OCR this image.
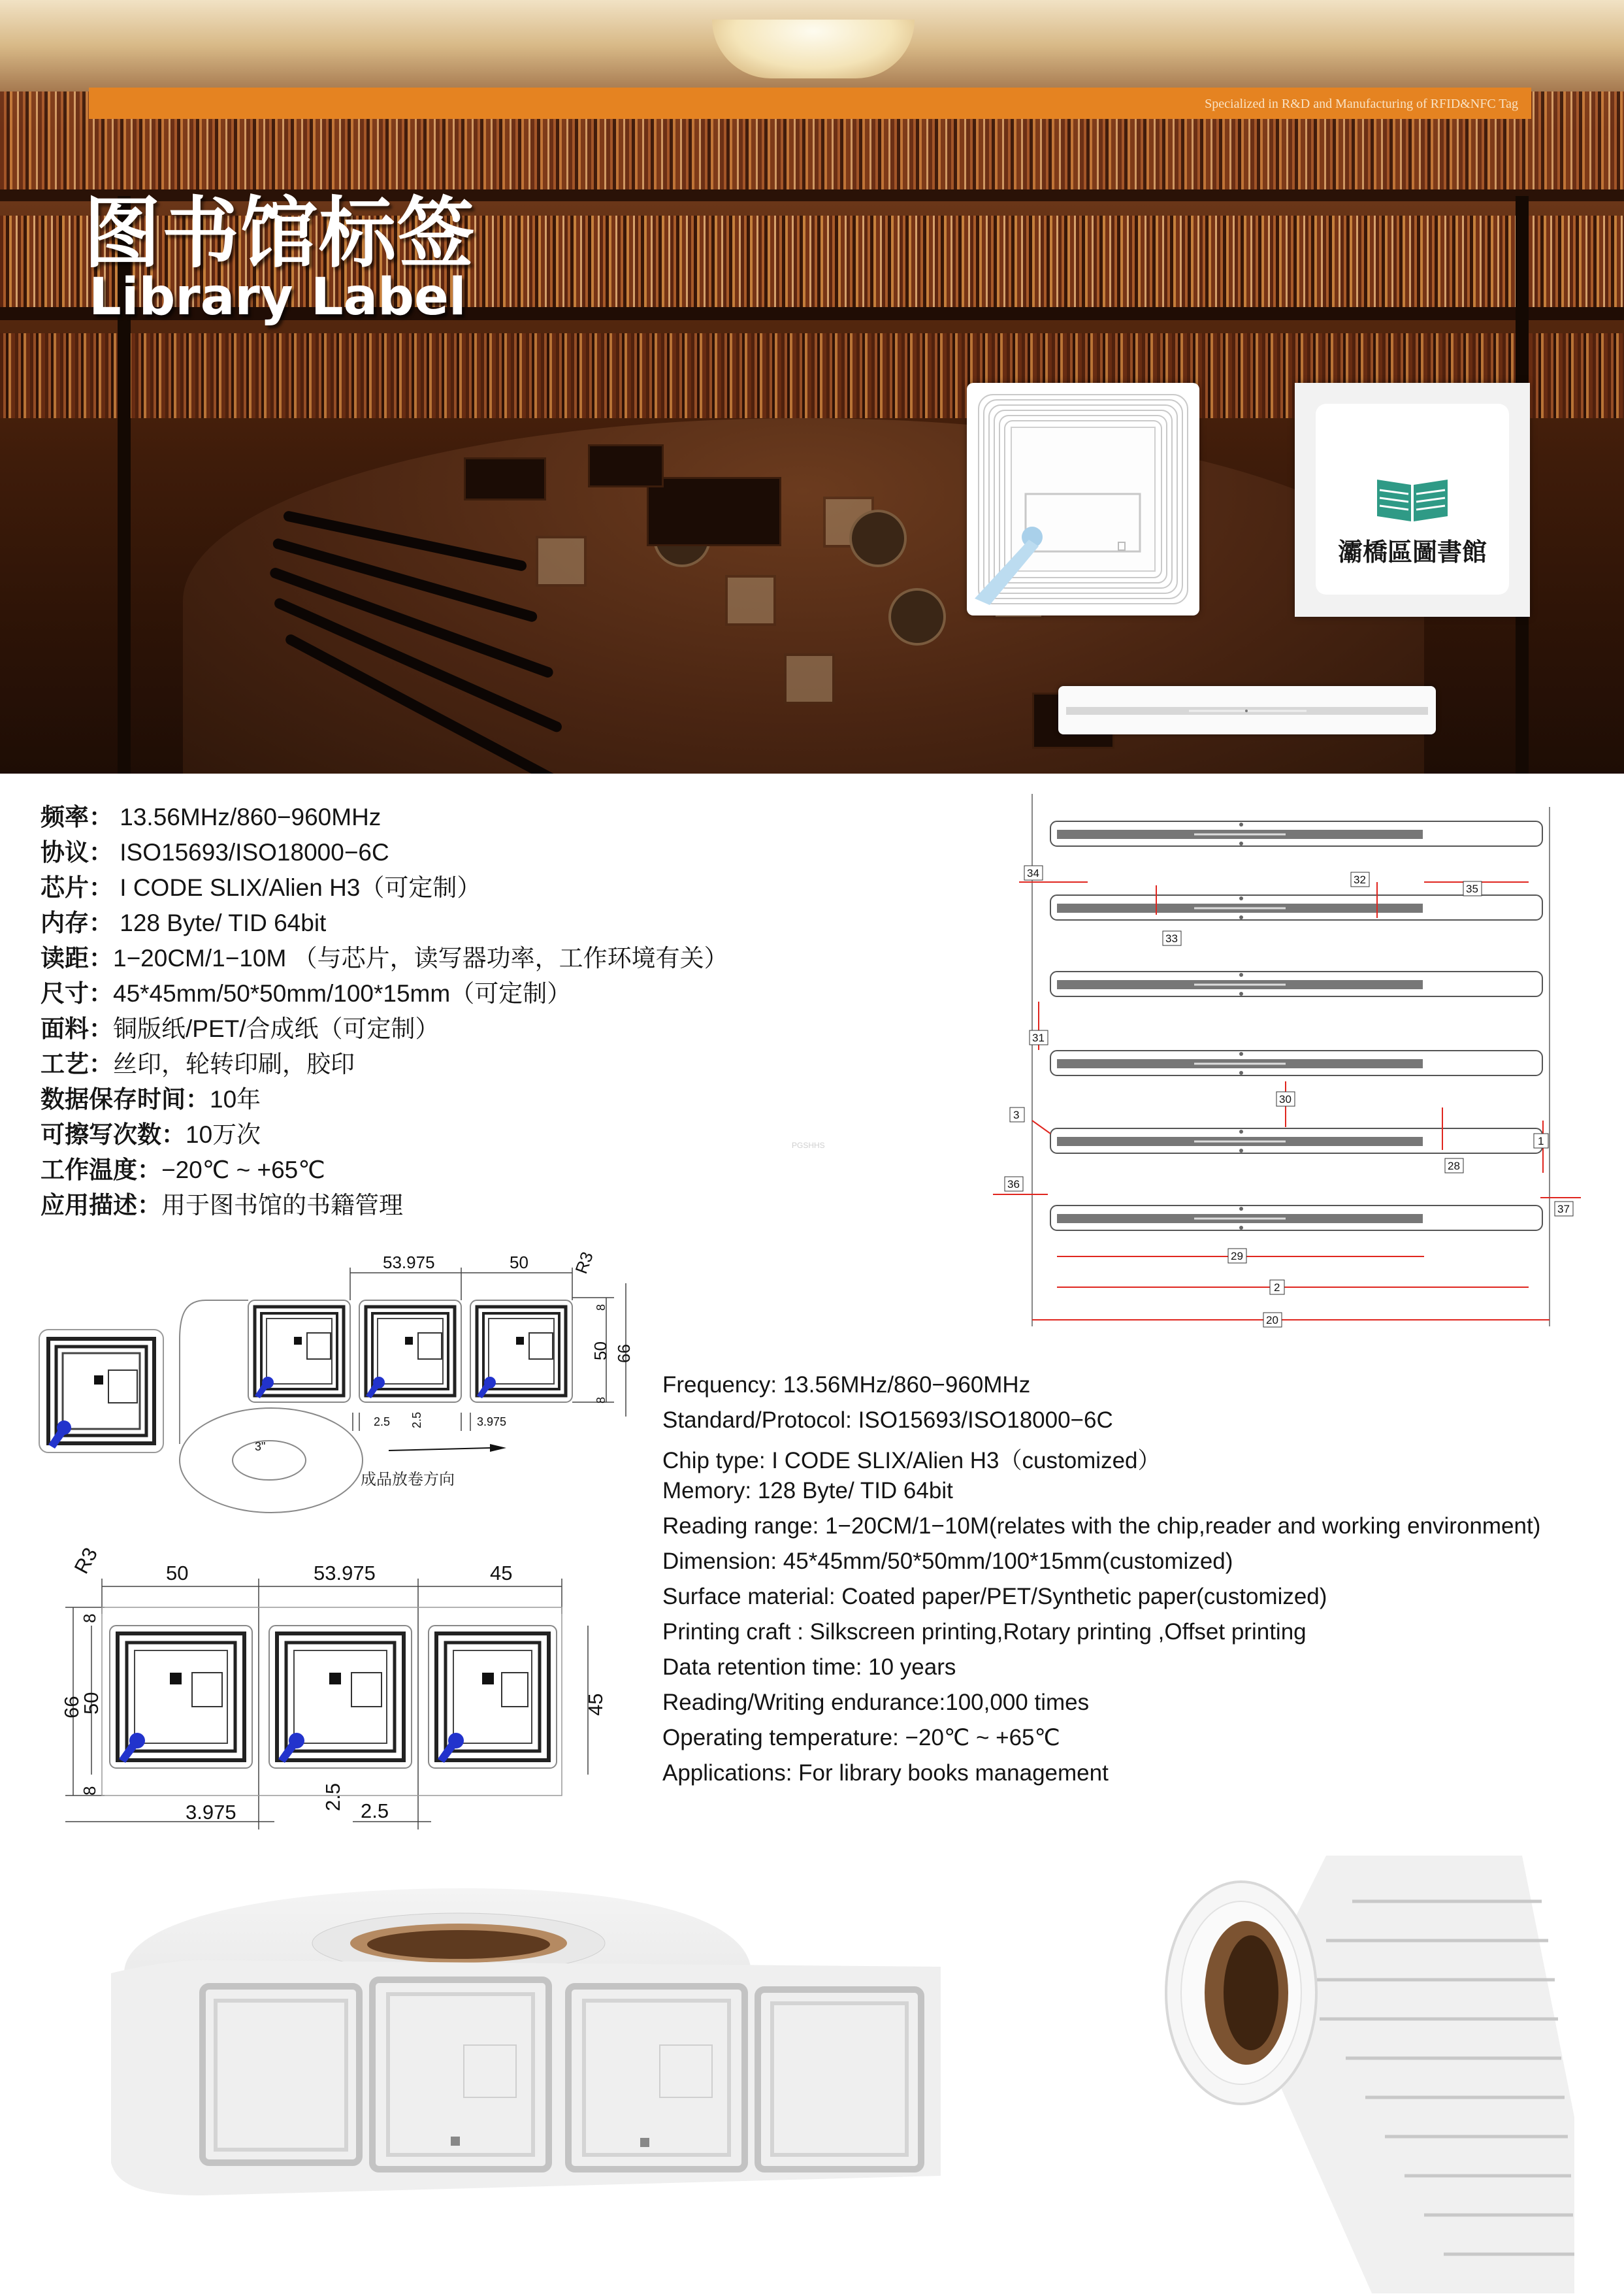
Specialized in R&D and Manufacturing of RFID&NFC Tag
图书馆标签
Library Label
灞橋區圖書館
频率： 13.56MHz/860−960MHz
协议： ISO15693/ISO18000−6C
芯片： I CODE SLIX/Alien H3（可定制）
内存： 128 Byte/ TID 64bit
读距：1−20CM/1−10M （与芯片，读写器功率，工作环境有关）
尺寸：45*45mm/50*50mm/100*15mm（可定制）
面料：铜版纸/PET/合成纸（可定制）
工艺：丝印，轮转印刷，胶印
数据保存时间：10年
可擦写次数：10万次
工作温度：−20℃ ~ +65℃
应用描述：用于图书馆的书籍管理
PGSHHS
34
32
35
33
31
30
3
28
1
36
37
29
2
20
3"
成品放卷方向
53.975	50	R3
8
50 66
8
2.5 2.5	3.975
R3	50	53.975	45
8
50
66
8
45
3.975
2.5 2.5
Frequency: 13.56MHz/860−960MHz
Standard/Protocol: ISO15693/ISO18000−6C
Chip type: I CODE SLIX/Alien H3（customized）
Memory: 128 Byte/ TID 64bit
Reading range: 1−20CM/1−10M(relates with the chip,reader and working environment)
Dimension: 45*45mm/50*50mm/100*15mm(customized)
Surface material: Coated paper/PET/Synthetic paper(customized)
Printing craft : Silkscreen printing,Rotary printing ,Offset printing
Data retention time: 10 years
Reading/Writing endurance:100,000 times
Operating temperature: −20℃ ~ +65℃
Applications: For library books management
